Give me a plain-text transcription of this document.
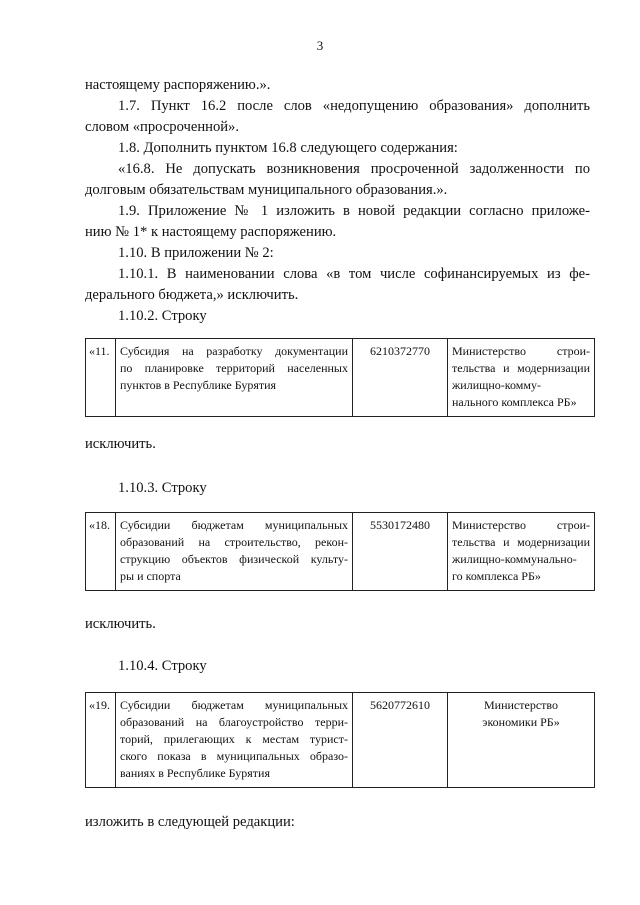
3
настоящему распоряжению.».
1.7. Пункт 16.2 после слов «недопущению образования» дополнить
словом «просроченной».
1.8. Дополнить пунктом 16.8 следующего содержания:
«16.8. Не допускать возникновения просроченной задолженности по
долговым обязательствам муниципального образования.».
1.9. Приложение № 1 изложить в новой редакции согласно приложе-
нию № 1* к настоящему распоряжению.
1.10. В приложении № 2:
1.10.1. В наименовании слова «в том числе софинансируемых из фе-
дерального бюджета,» исключить.
1.10.2. Строку
«11.	Субсидия на разработку документации
по планировке территорий населенных
пунктов в Республике Бурятия
	6210372770	Министерство строи-
тельства и модернизации
жилищно-комму-
нального комплекса РБ»
исключить.
1.10.3. Строку
«18.	Субсидии бюджетам муниципальных
образований на строительство, рекон-
струкцию объектов физической культу-
ры и спорта
	5530172480	Министерство строи-
тельства и модернизации
жилищно-коммунально-
го комплекса РБ»
исключить.
1.10.4. Строку
«19.	Субсидии бюджетам муниципальных
образований на благоустройство терри-
торий, прилегающих к местам турист-
ского показа в муниципальных образо-
ваниях в Республике Бурятия
	5620772610	Министерство
экономики РБ»
изложить в следующей редакции:
